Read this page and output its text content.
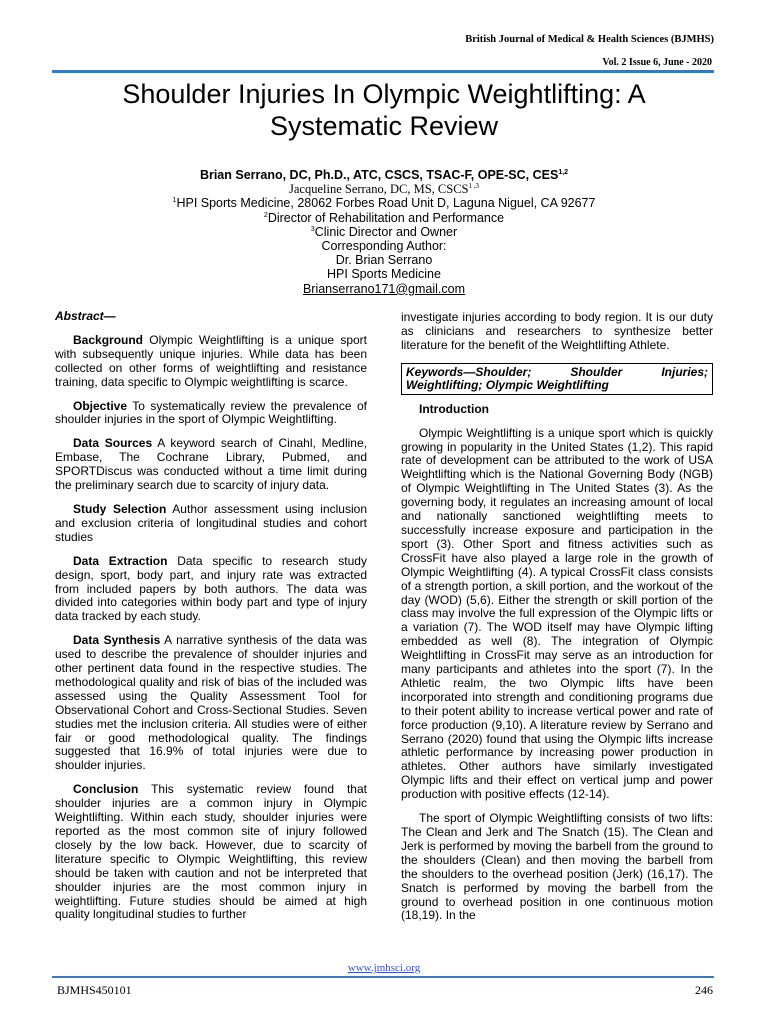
British Journal of Medical & Health Sciences (BJMHS)
Vol. 2 Issue 6, June - 2020
Shoulder Injuries In Olympic Weightlifting: A
Systematic Review
Brian Serrano, DC, Ph.D., ATC, CSCS, TSAC-F, OPE-SC, CES$^{1,2}$
Jacqueline Serrano, DC, MS, CSCS$^{1 ,3}$
$^1$HPI Sports Medicine, 28062 Forbes Road Unit D, Laguna Niguel, CA 92677
$^2$Director of Rehabilitation and Performance
$^3$Clinic Director and Owner
Corresponding Author:
Dr. Brian Serrano
HPI Sports Medicine
Brianserrano171@gmail.com
Abstract—

Background Olympic Weightlifting is a unique sport with subsequently unique injuries. While data has been collected on other forms of weightlifting and resistance training, data specific to Olympic weightlifting is scarce.

Objective To systematically review the prevalence of shoulder injuries in the sport of Olympic Weightlifting.

Data Sources A keyword search of Cinahl, Medline, Embase, The Cochrane Library, Pubmed, and SPORTDiscus was conducted without a time limit during the preliminary search due to scarcity of injury data.

Study Selection Author assessment using inclusion and exclusion criteria of longitudinal studies and cohort studies

Data Extraction Data specific to research study design, sport, body part, and injury rate was extracted from included papers by both authors. The data was divided into categories within body part and type of injury data tracked by each study.

Data Synthesis A narrative synthesis of the data was used to describe the prevalence of shoulder injuries and other pertinent data found in the respective studies. The methodological quality and risk of bias of the included was assessed using the Quality Assessment Tool for Observational Cohort and Cross-Sectional Studies. Seven studies met the inclusion criteria. All studies were of either fair or good methodological quality. The findings suggested that 16.9% of total injuries were due to shoulder injuries.

Conclusion This systematic review found that shoulder injuries are a common injury in Olympic Weightlifting. Within each study, shoulder injuries were reported as the most common site of injury followed closely by the low back. However, due to scarcity of literature specific to Olympic Weightlifting, this review should be taken with caution and not be interpreted that shoulder injuries are the most common injury in weightlifting. Future studies should be aimed at high quality longitudinal studies to further

investigate injuries according to body region. It is our duty as clinicians and researchers to synthesize better literature for the benefit of the Weightlifting Athlete.

Keywords—Shoulder; Shoulder Injuries; Weightlifting; Olympic Weightlifting
Introduction

Olympic Weightlifting is a unique sport which is quickly growing in popularity in the United States (1,2). This rapid rate of development can be attributed to the work of USA Weightlifting which is the National Governing Body (NGB) of Olympic Weightlifting in The United States (3). As the governing body, it regulates an increasing amount of local and nationally sanctioned weightlifting meets to successfully increase exposure and participation in the sport (3). Other Sport and fitness activities such as CrossFit have also played a large role in the growth of Olympic Weightlifting (4). A typical CrossFit class consists of a strength portion, a skill portion, and the workout of the day (WOD) (5,6). Either the strength or skill portion of the class may involve the full expression of the Olympic lifts or a variation (7). The WOD itself may have Olympic lifting embedded as well (8). The integration of Olympic Weightlifting in CrossFit may serve as an introduction for many participants and athletes into the sport (7). In the Athletic realm, the two Olympic lifts have been incorporated into strength and conditioning programs due to their potent ability to increase vertical power and rate of force production (9,10). A literature review by Serrano and Serrano (2020) found that using the Olympic lifts increase athletic performance by increasing power production in athletes. Other authors have similarly investigated Olympic lifts and their effect on vertical jump and power production with positive effects (12-14).

The sport of Olympic Weightlifting consists of two lifts: The Clean and Jerk and The Snatch (15). The Clean and Jerk is performed by moving the barbell from the ground to the shoulders (Clean) and then moving the barbell from the shoulders to the overhead position (Jerk) (16,17). The Snatch is performed by moving the barbell from the ground to overhead position in one continuous motion (18,19). In the

www.jmhsci.org
BJMHS450101	246
